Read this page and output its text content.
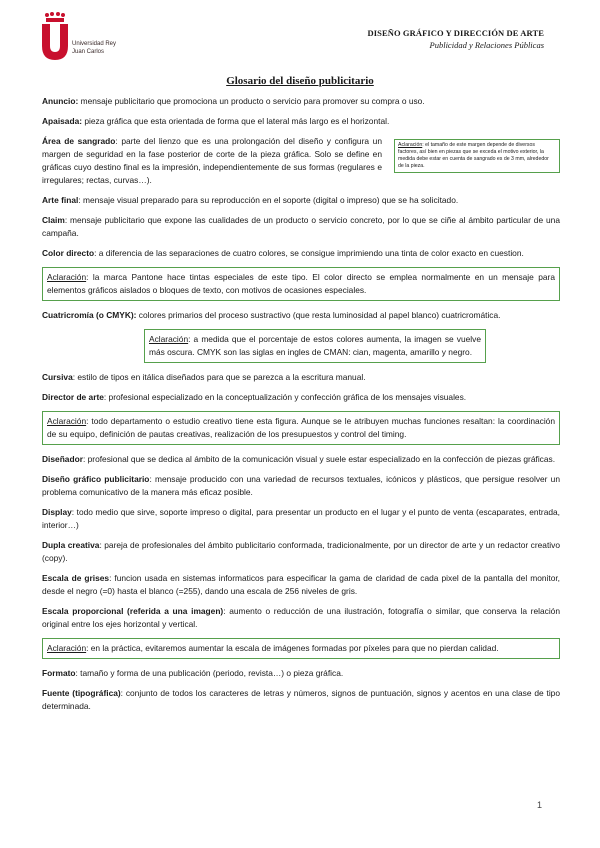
Universidad Rey Juan Carlos
DISEÑO GRÁFICO Y DIRECCIÓN DE ARTE
Publicidad y Relaciones Públicas
Glosario del diseño publicitario

Anuncio: mensaje publicitario que promociona un producto o servicio para promover su compra o uso.

Apaisada: pieza gráfica que esta orientada de forma que el lateral más largo es el horizontal.

Área de sangrado: parte del lienzo que es una prolongación del diseño y configura un margen de seguridad en la fase posterior de corte de la pieza gráfica. Solo se define en gráficas cuyo destino final es la impresión, independientemente de sus formas (regulares e irregulares; rectas, curvas…).

Aclaración: el tamaño de este margen depende de diversos factores, así bien en piezas que se exceda el motivo exterior, la medida debe estar en cuenta de sangrado es de 3 mm, alrededor de la pieza.

Arte final: mensaje visual preparado para su reproducción en el soporte (digital o impreso) que se ha solicitado.

Claim: mensaje publicitario que expone las cualidades de un producto o servicio concreto, por lo que se ciñe al ámbito particular de una campaña.

Color directo: a diferencia de las separaciones de cuatro colores, se consigue imprimiendo una tinta de color exacto en cuestion.

Aclaración: la marca Pantone hace tintas especiales de este tipo. El color directo se emplea normalmente en un mensaje para elementos gráficos aislados o bloques de texto, con motivos de ocasiones especiales.

Cuatricromía (o CMYK): colores primarios del proceso sustractivo (que resta luminosidad al papel blanco) cuatricromática.

Aclaración: a medida que el porcentaje de estos colores aumenta, la imagen se vuelve más oscura. CMYK son las siglas en ingles de CMAN: cian, magenta, amarillo y negro.

Cursiva: estilo de tipos en itálica diseñados para que se parezca a la escritura manual.

Director de arte: profesional especializado en la conceptualización y confección gráfica de los mensajes visuales.

Aclaración: todo departamento o estudio creativo tiene esta figura. Aunque se le atribuyen muchas funciones resaltan: la coordinación de su equipo, definición de pautas creativas, realización de los presupuestos y control del timing.

Diseñador: profesional que se dedica al ámbito de la comunicación visual y suele estar especializado en la confección de piezas gráficas.

Diseño gráfico publicitario: mensaje producido con una variedad de recursos textuales, icónicos y plásticos, que persigue resolver un problema comunicativo de la manera más eficaz posible.

Display: todo medio que sirve, soporte impreso o digital, para presentar un producto en el lugar y el punto de venta (escaparates, entrada, interior…)

Dupla creativa: pareja de profesionales del ámbito publicitario conformada, tradicionalmente, por un director de arte y un redactor creativo (copy).

Escala de grises: funcion usada en sistemas informaticos para especificar la gama de claridad de cada pixel de la pantalla del monitor, desde el negro (=0) hasta el blanco (=255), dando una escala de 256 niveles de gris.

Escala proporcional (referida a una imagen): aumento o reducción de una ilustración, fotografía o similar, que conserva la relación original entre los ejes horizontal y vertical.

Aclaración: en la práctica, evitaremos aumentar la escala de imágenes formadas por píxeles para que no pierdan calidad.

Formato: tamaño y forma de una publicación (periodo, revista…) o pieza gráfica.

Fuente (tipográfica): conjunto de todos los caracteres de letras y números, signos de puntuación, signos y acentos en una clase de tipo determinada.

1
